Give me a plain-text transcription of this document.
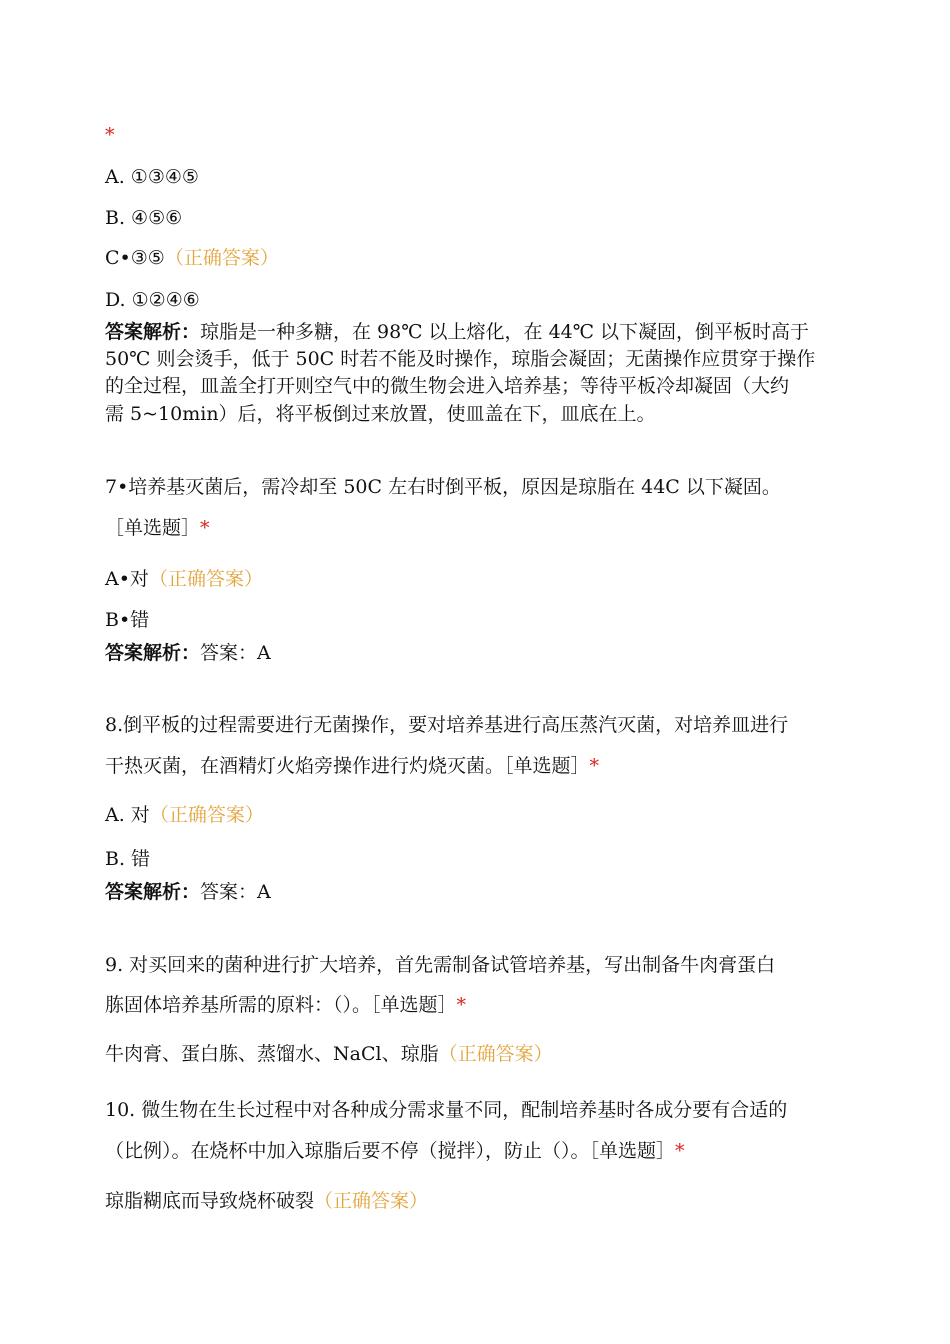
*
A. ①③④⑤
B. ④⑤⑥
C•③⑤（正确答案）
D. ①②④⑥
答案解析：琼脂是一种多糖，在 98℃ 以上熔化，在 44℃ 以下凝固，倒平板时高于
50℃ 则会烫手，低于 50C 时若不能及时操作，琼脂会凝固；无菌操作应贯穿于操作
的全过程，皿盖全打开则空气中的微生物会进入培养基；等待平板冷却凝固（大约
需 5~10min）后，将平板倒过来放置，使皿盖在下，皿底在上。
7•培养基灭菌后，需冷却至 50C 左右时倒平板，原因是琼脂在 44C 以下凝固。
［单选题］*
A•对（正确答案）
B•错
答案解析：答案：A
8.倒平板的过程需要进行无菌操作，要对培养基进行高压蒸汽灭菌，对培养皿进行
干热灭菌，在酒精灯火焰旁操作进行灼烧灭菌。［单选题］*
A. 对（正确答案）
B. 错
答案解析：答案：A
9. 对买回来的菌种进行扩大培养，首先需制备试管培养基，写出制备牛肉膏蛋白
胨固体培养基所需的原料：（）。［单选题］*
牛肉膏、蛋白胨、蒸馏水、NaCl、琼脂（正确答案）
10. 微生物在生长过程中对各种成分需求量不同，配制培养基时各成分要有合适的
（比例）。在烧杯中加入琼脂后要不停（搅拌），防止（）。［单选题］*
琼脂糊底而导致烧杯破裂（正确答案）
